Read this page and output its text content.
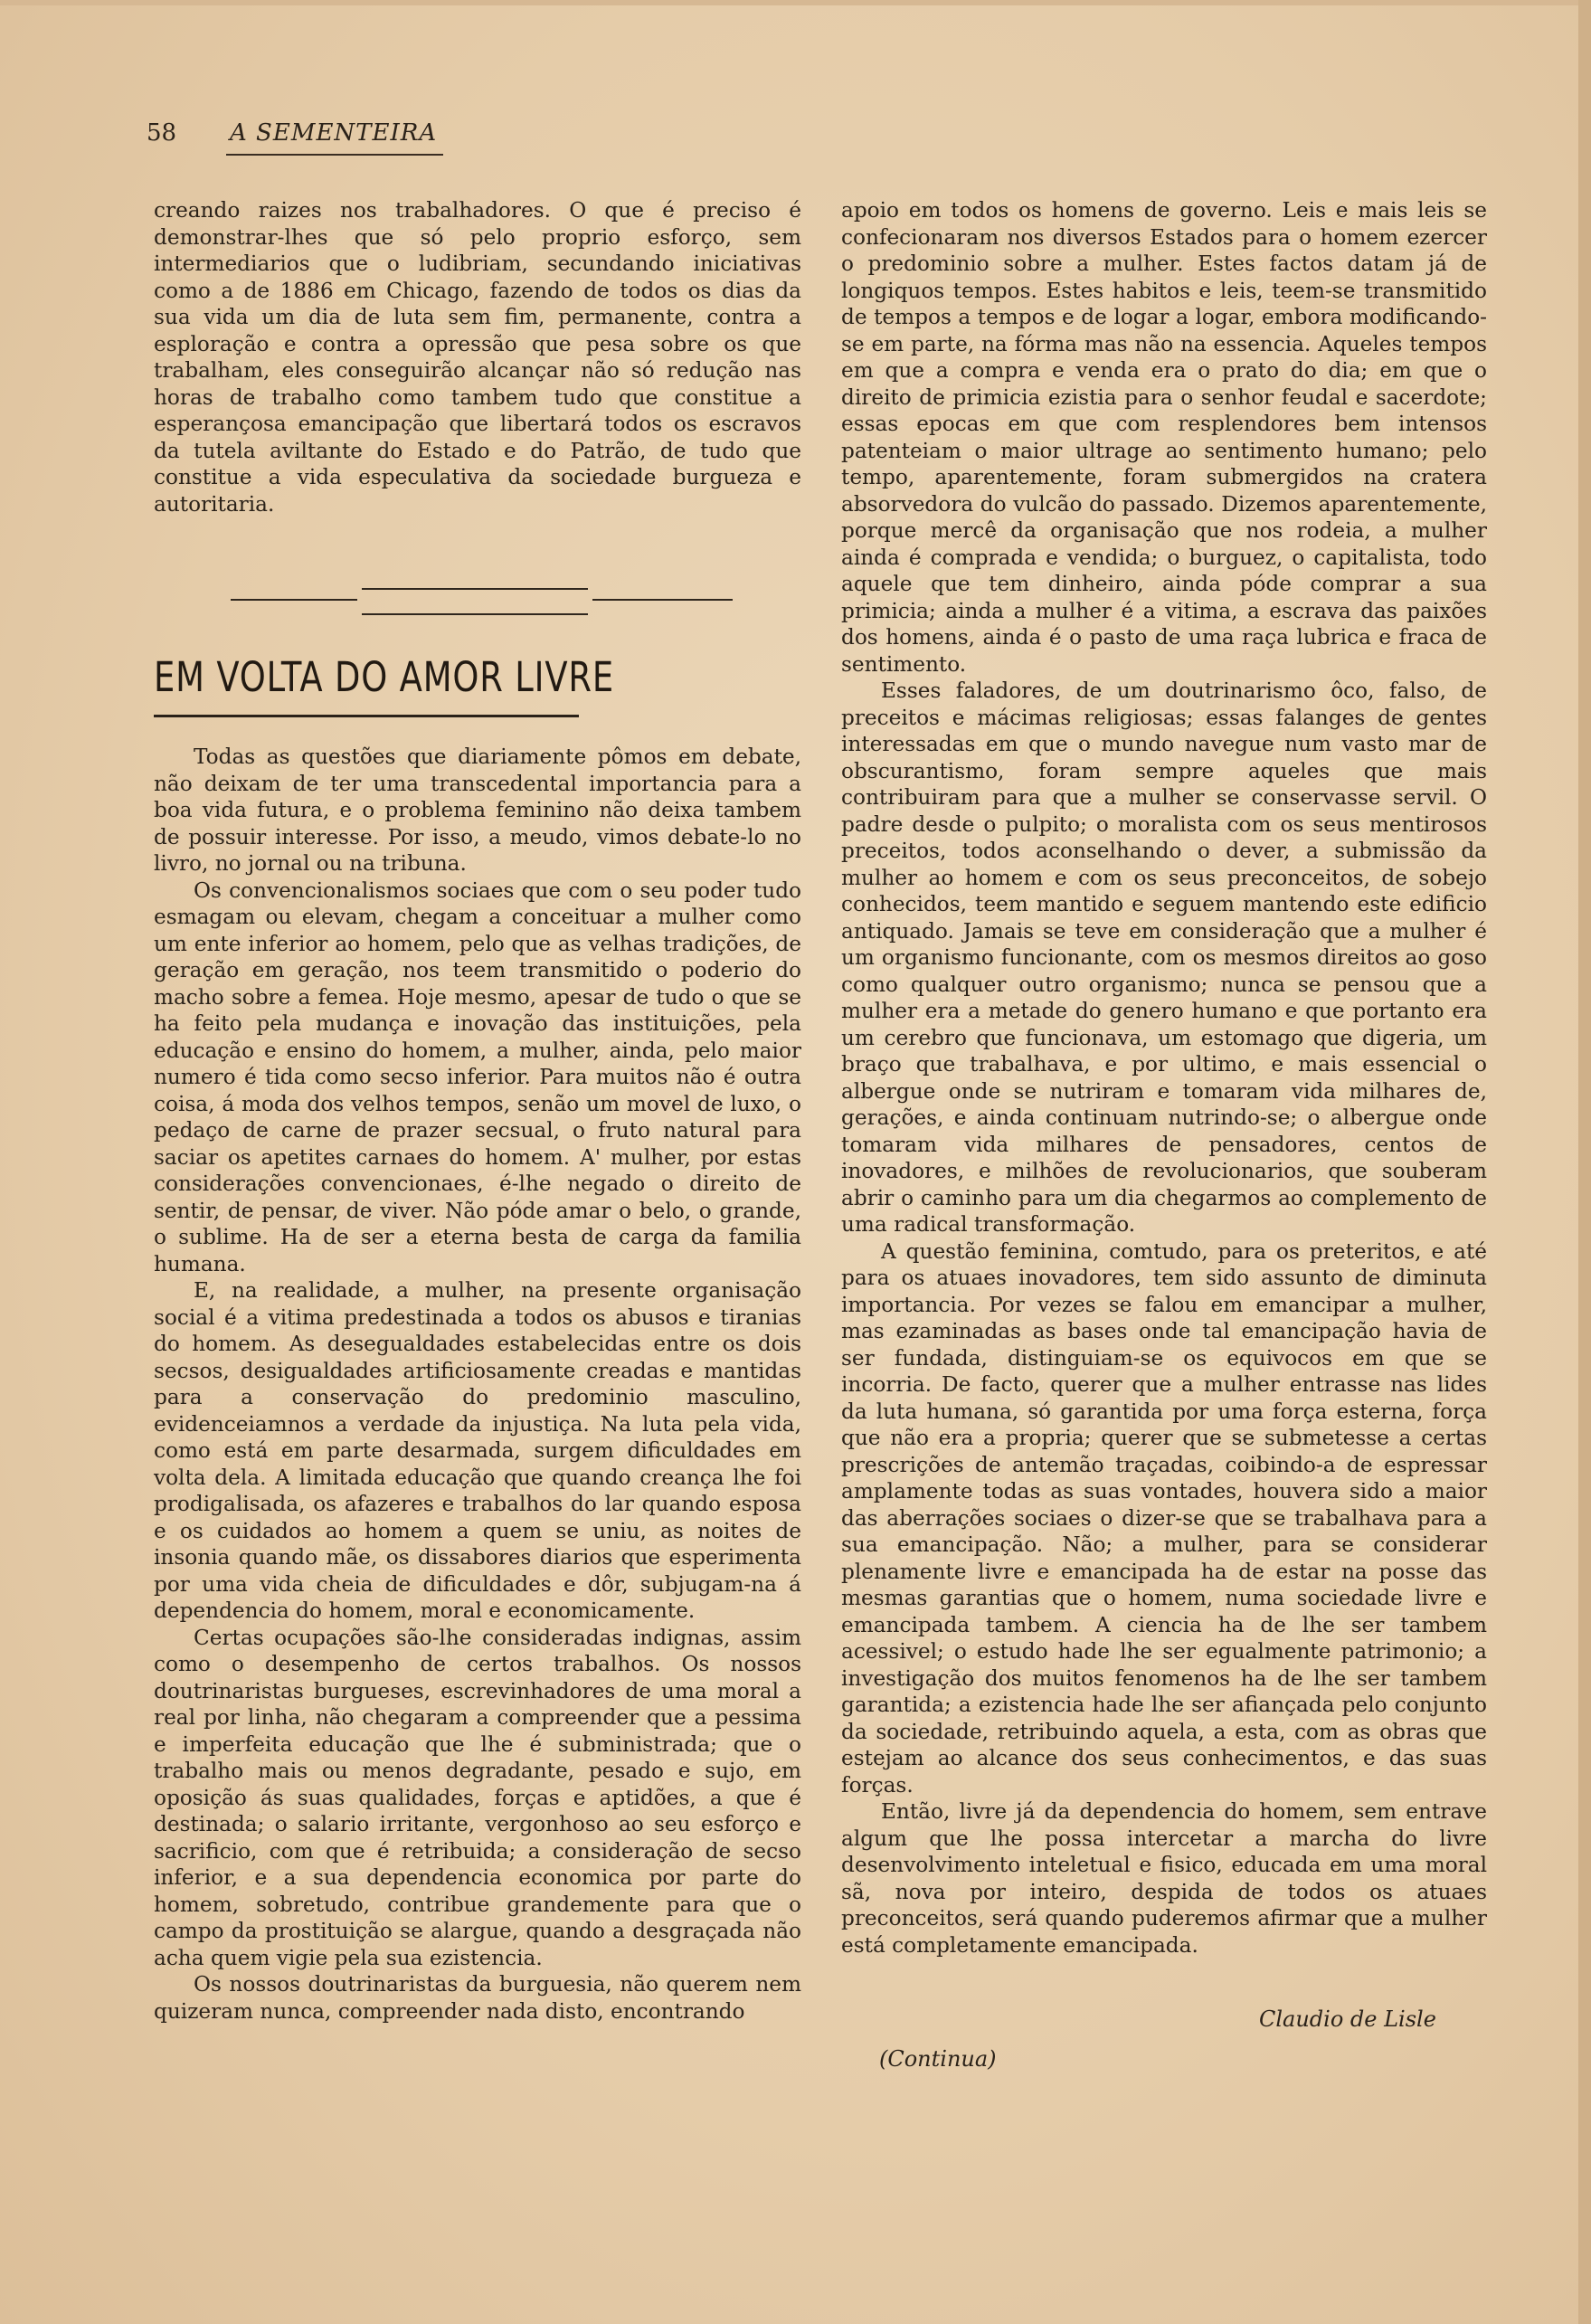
58 A SEMENTEIRA

creando raizes nos trabalhadores. O que é preciso é demonstrar-lhes que só pelo proprio esforço, sem intermediarios que o ludibriam, secundando iniciativas como a de 1886 em Chicago, fazendo de todos os dias da sua vida um dia de luta sem fim, permanente, contra a esploração e contra a opressão que pesa sobre os que trabalham, eles conseguirão alcançar não só redução nas horas de trabalho como tambem tudo que constitue a esperançosa emancipação que libertará todos os escravos da tutela aviltante do Estado e do Patrão, de tudo que constitue a vida especulativa da sociedade burgueza e autoritaria.

EM VOLTA DO AMOR LIVRE

Todas as questões que diariamente pômos em debate, não deixam de ter uma transcedental importancia para a boa vida futura, e o problema feminino não deixa tambem de possuir interesse. Por isso, a meudo, vimos debate-lo no livro, no jornal ou na tribuna.

Os convencionalismos sociaes que com o seu poder tudo esmagam ou elevam, chegam a conceituar a mulher como um ente inferior ao homem, pelo que as velhas tradições, de geração em geração, nos teem transmitido o poderio do macho sobre a femea. Hoje mesmo, apesar de tudo o que se ha feito pela mudança e inovação das instituições, pela educação e ensino do homem, a mulher, ainda, pelo maior numero é tida como secso inferior. Para muitos não é outra coisa, á moda dos velhos tempos, senão um movel de luxo, o pedaço de carne de prazer secsual, o fruto natural para saciar os apetites carnaes do homem. A' mulher, por estas considerações convencionaes, é-lhe negado o direito de sentir, de pensar, de viver. Não póde amar o belo, o grande, o sublime. Ha de ser a eterna besta de carga da familia humana.

E, na realidade, a mulher, na presente organisação social é a vitima predestinada a todos os abusos e tiranias do homem. As desegualdades estabelecidas entre os dois secsos, desigualdades artificiosamente creadas e mantidas para a conservação do predominio masculino, evidenceiamnos a verdade da injustiça. Na luta pela vida, como está em parte desarmada, surgem dificuldades em volta dela. A limitada educação que quando creança lhe foi prodigalisada, os afazeres e trabalhos do lar quando esposa e os cuidados ao homem a quem se uniu, as noites de insonia quando mãe, os dissabores diarios que esperimenta por uma vida cheia de dificuldades e dôr, subjugam-na á dependencia do homem, moral e economicamente.

Certas ocupações são-lhe consideradas indignas, assim como o desempenho de certos trabalhos. Os nossos doutrinaristas burgueses, escrevinhadores de uma moral a real por linha, não chegaram a compreender que a pessima e imperfeita educação que lhe é subministrada; que o trabalho mais ou menos degradante, pesado e sujo, em oposição ás suas qualidades, forças e aptidões, a que é destinada; o salario irritante, vergonhoso ao seu esforço e sacrificio, com que é retribuida; a consideração de secso inferior, e a sua dependencia economica por parte do homem, sobretudo, contribue grandemente para que o campo da prostituição se alargue, quando a desgraçada não acha quem vigie pela sua ezistencia.

Os nossos doutrinaristas da burguesia, não querem nem quizeram nunca, compreender nada disto, encontrando

apoio em todos os homens de governo. Leis e mais leis se confecionaram nos diversos Estados para o homem ezercer o predominio sobre a mulher. Estes factos datam já de longiquos tempos. Estes habitos e leis, teem-se transmitido de tempos a tempos e de logar a logar, embora modificando-se em parte, na fórma mas não na essencia. Aqueles tempos em que a compra e venda era o prato do dia; em que o direito de primicia ezistia para o senhor feudal e sacerdote; essas epocas em que com resplendores bem intensos patenteiam o maior ultrage ao sentimento humano; pelo tempo, aparentemente, foram submergidos na cratera absorvedora do vulcão do passado. Dizemos aparentemente, porque mercê da organisação que nos rodeia, a mulher ainda é comprada e vendida; o burguez, o capitalista, todo aquele que tem dinheiro, ainda póde comprar a sua primicia; ainda a mulher é a vitima, a escrava das paixões dos homens, ainda é o pasto de uma raça lubrica e fraca de sentimento.

Esses faladores, de um doutrinarismo ôco, falso, de preceitos e mácimas religiosas; essas falanges de gentes interessadas em que o mundo navegue num vasto mar de obscurantismo, foram sempre aqueles que mais contribuiram para que a mulher se conservasse servil. O padre desde o pulpito; o moralista com os seus mentirosos preceitos, todos aconselhando o dever, a submissão da mulher ao homem e com os seus preconceitos, de sobejo conhecidos, teem mantido e seguem mantendo este edificio antiquado. Jamais se teve em consideração que a mulher é um organismo funcionante, com os mesmos direitos ao goso como qualquer outro organismo; nunca se pensou que a mulher era a metade do genero humano e que portanto era um cerebro que funcionava, um estomago que digeria, um braço que trabalhava, e por ultimo, e mais essencial o albergue onde se nutriram e tomaram vida milhares de, gerações, e ainda continuam nutrindo-se; o albergue onde tomaram vida milhares de pensadores, centos de inovadores, e milhões de revolucionarios, que souberam abrir o caminho para um dia chegarmos ao complemento de uma radical transformação.

A questão feminina, comtudo, para os preteritos, e até para os atuaes inovadores, tem sido assunto de diminuta importancia. Por vezes se falou em emancipar a mulher, mas ezaminadas as bases onde tal emancipação havia de ser fundada, distinguiam-se os equivocos em que se incorria. De facto, querer que a mulher entrasse nas lides da luta humana, só garantida por uma força esterna, força que não era a propria; querer que se submetesse a certas prescrições de antemão traçadas, coibindo-a de espressar amplamente todas as suas vontades, houvera sido a maior das aberrações sociaes o dizer-se que se trabalhava para a sua emancipação. Não; a mulher, para se considerar plenamente livre e emancipada ha de estar na posse das mesmas garantias que o homem, numa sociedade livre e emancipada tambem. A ciencia ha de lhe ser tambem acessivel; o estudo hade lhe ser egualmente patrimonio; a investigação dos muitos fenomenos ha de lhe ser tambem garantida; a ezistencia hade lhe ser afiançada pelo conjunto da sociedade, retribuindo aquela, a esta, com as obras que estejam ao alcance dos seus conhecimentos, e das suas forças.

Então, livre já da dependencia do homem, sem entrave algum que lhe possa intercetar a marcha do livre desenvolvimento inteletual e fisico, educada em uma moral sã, nova por inteiro, despida de todos os atuaes preconceitos, será quando puderemos afirmar que a mulher está completamente emancipada.

Claudio de Lisle
(Continua)
